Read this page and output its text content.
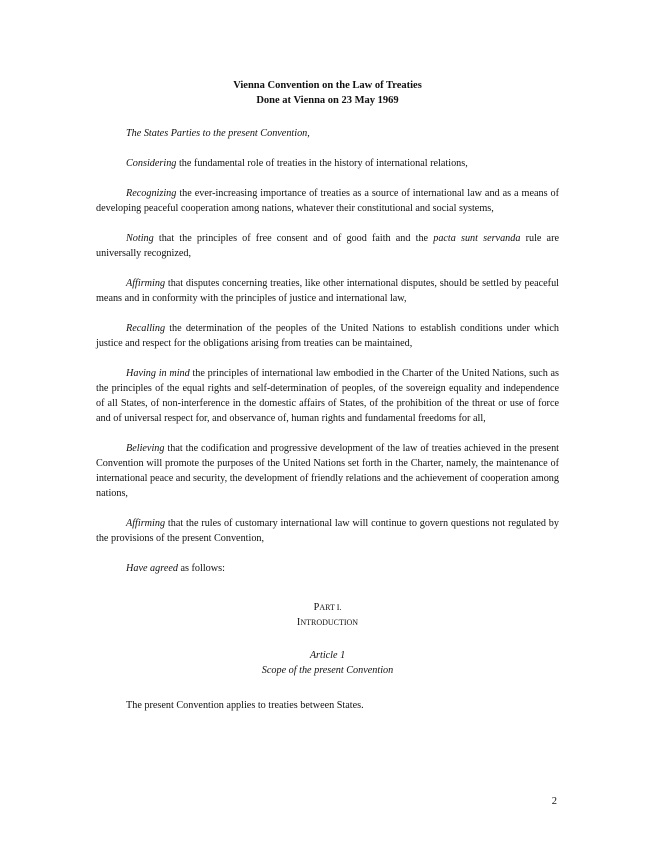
Vienna Convention on the Law of Treaties
Done at Vienna on 23 May 1969

The States Parties to the present Convention,

Considering the fundamental role of treaties in the history of international relations,

Recognizing the ever-increasing importance of treaties as a source of international law and as a means of developing peaceful cooperation among nations, whatever their constitutional and social systems,

Noting that the principles of free consent and of good faith and the pacta sunt servanda rule are universally recognized,

Affirming that disputes concerning treaties, like other international disputes, should be settled by peaceful means and in conformity with the principles of justice and international law,

Recalling the determination of the peoples of the United Nations to establish conditions under which justice and respect for the obligations arising from treaties can be maintained,

Having in mind the principles of international law embodied in the Charter of the United Nations, such as the principles of the equal rights and self-determination of peoples, of the sovereign equality and independence of all States, of non-interference in the domestic affairs of States, of the prohibition of the threat or use of force and of universal respect for, and observance of, human rights and fundamental freedoms for all,

Believing that the codification and progressive development of the law of treaties achieved in the present Convention will promote the purposes of the United Nations set forth in the Charter, namely, the maintenance of international peace and security, the development of friendly relations and the achievement of cooperation among nations,

Affirming that the rules of customary international law will continue to govern questions not regulated by the provisions of the present Convention,

Have agreed as follows:

PART I.
INTRODUCTION
Article 1
Scope of the present Convention

The present Convention applies to treaties between States.

2
